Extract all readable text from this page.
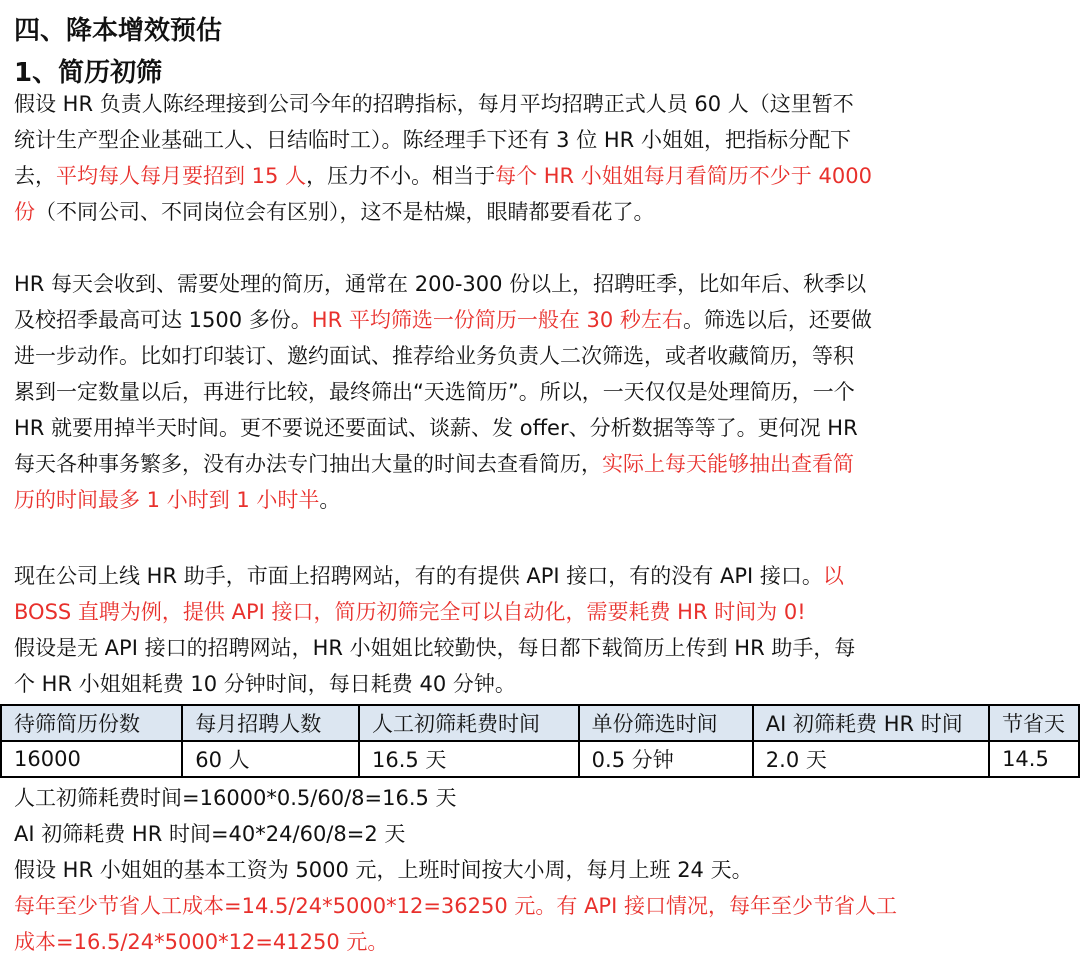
四、降本增效预估
1、简历初筛
假设 HR 负责人陈经理接到公司今年的招聘指标，每月平均招聘正式人员 60 人（这里暂不
统计生产型企业基础工人、日结临时工）。陈经理手下还有 3 位 HR 小姐姐，把指标分配下
去，平均每人每月要招到 15 人，压力不小。相当于每个 HR 小姐姐每月看简历不少于 4000
份（不同公司、不同岗位会有区别），这不是枯燥，眼睛都要看花了。
HR 每天会收到、需要处理的简历，通常在 200-300 份以上，招聘旺季，比如年后、秋季以
及校招季最高可达 1500 多份。HR 平均筛选一份简历一般在 30 秒左右。筛选以后，还要做
进一步动作。比如打印装订、邀约面试、推荐给业务负责人二次筛选，或者收藏简历，等积
累到一定数量以后，再进行比较，最终筛出“天选简历”。所以，一天仅仅是处理简历，一个
HR 就要用掉半天时间。更不要说还要面试、谈薪、发 offer、分析数据等等了。更何况 HR
每天各种事务繁多，没有办法专门抽出大量的时间去查看简历，实际上每天能够抽出查看简
历的时间最多 1 小时到 1 小时半。
现在公司上线 HR 助手，市面上招聘网站，有的有提供 API 接口，有的没有 API 接口。以
BOSS 直聘为例，提供 API 接口，简历初筛完全可以自动化，需要耗费 HR 时间为 0!
假设是无 API 接口的招聘网站，HR 小姐姐比较勤快，每日都下载简历上传到 HR 助手，每
个 HR 小姐姐耗费 10 分钟时间，每日耗费 40 分钟。
待筛简历份数	每月招聘人数	人工初筛耗费时间	单份筛选时间	AI 初筛耗费 HR 时间	节省天
16000	60 人	16.5 天	0.5 分钟	2.0 天	14.5
人工初筛耗费时间=16000*0.5/60/8=16.5 天
AI 初筛耗费 HR 时间=40*24/60/8=2 天
假设 HR 小姐姐的基本工资为 5000 元，上班时间按大小周，每月上班 24 天。
每年至少节省人工成本=14.5/24*5000*12=36250 元。有 API 接口情况，每年至少节省人工
成本=16.5/24*5000*12=41250 元。
